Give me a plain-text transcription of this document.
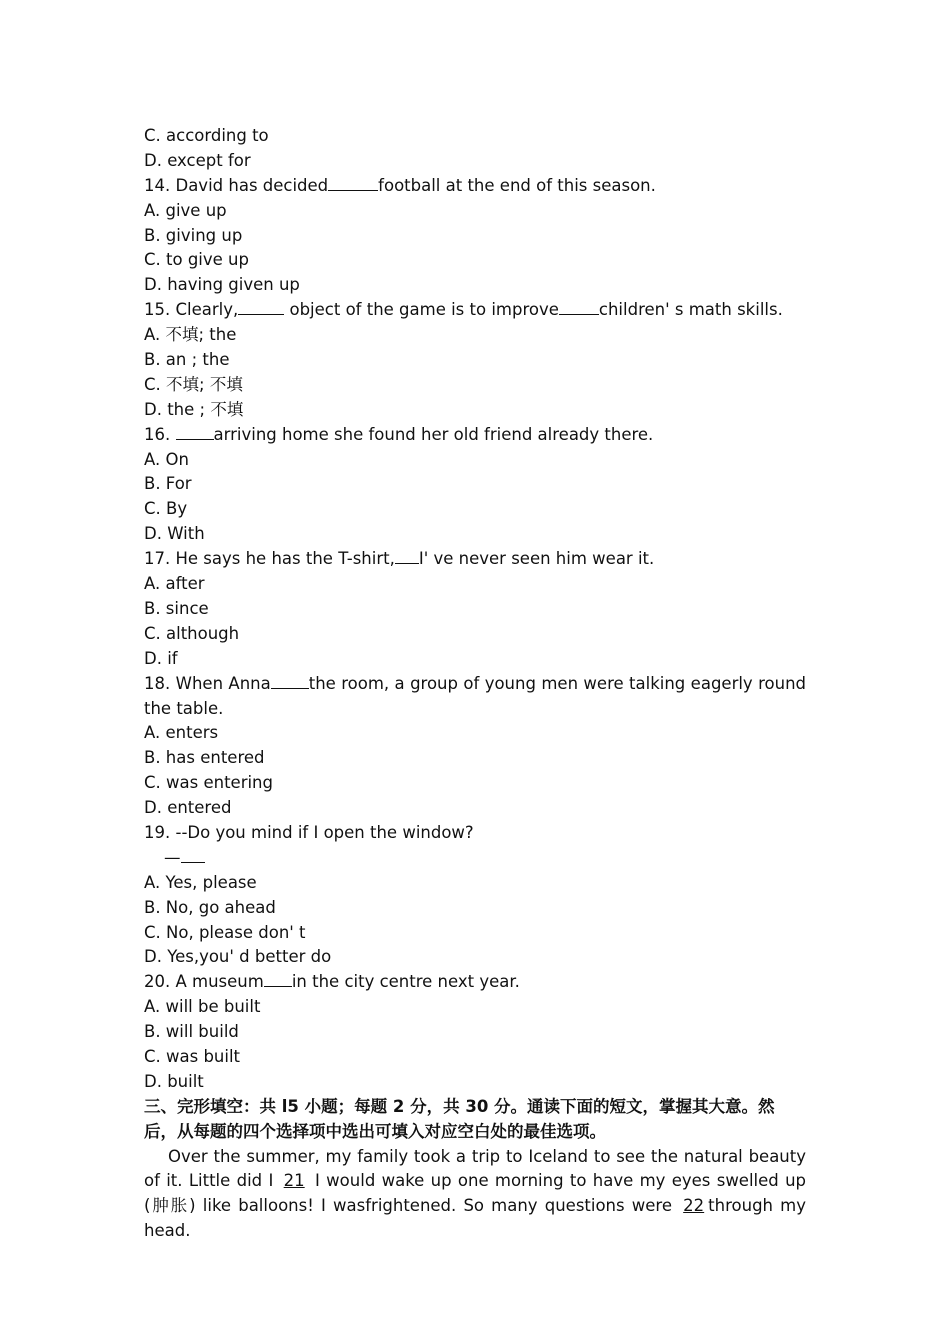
C. according to
D. except for
14. David has decided	football at the end of this season.
A. give up
B. giving up
C. to give up
D. having given up
15. Clearly,	object of the game is to improve children' s math skills.
A. 不填; the
B. an ; the
C. 不填; 不填
D. the ; 不填
16. arriving home she found her old friend already there.
A. On
B. For
C. By
D. With
17. He says he has the T-shirt, I' ve never seen him wear it.
A. after
B. since
C. although
D. if
18. When Anna the room, a group of young men were talking eagerly round the table.
A. enters
B. has entered
C. was entering
D. entered
19. --Do you mind if I open the window?
—
A. Yes, please
B. No, go ahead
C. No, please don' t
D. Yes,you' d better do
20. A museum in the city centre next year.
A. will be built
B. will build
C. was built
D. built
三、完形填空：共 l5 小题；每题 2 分，共 30 分。通读下面的短文，掌握其大意。然后，从每题的四个选择项中选出可填入对应空白处的最佳选项。
Over the summer, my family took a trip to Iceland to see the natural beauty of it. Little did I 21 I would wake up one morning to have my eyes swelled up (肿胀) like balloons! I wasfrightened. So many questions were 22 through my head.
